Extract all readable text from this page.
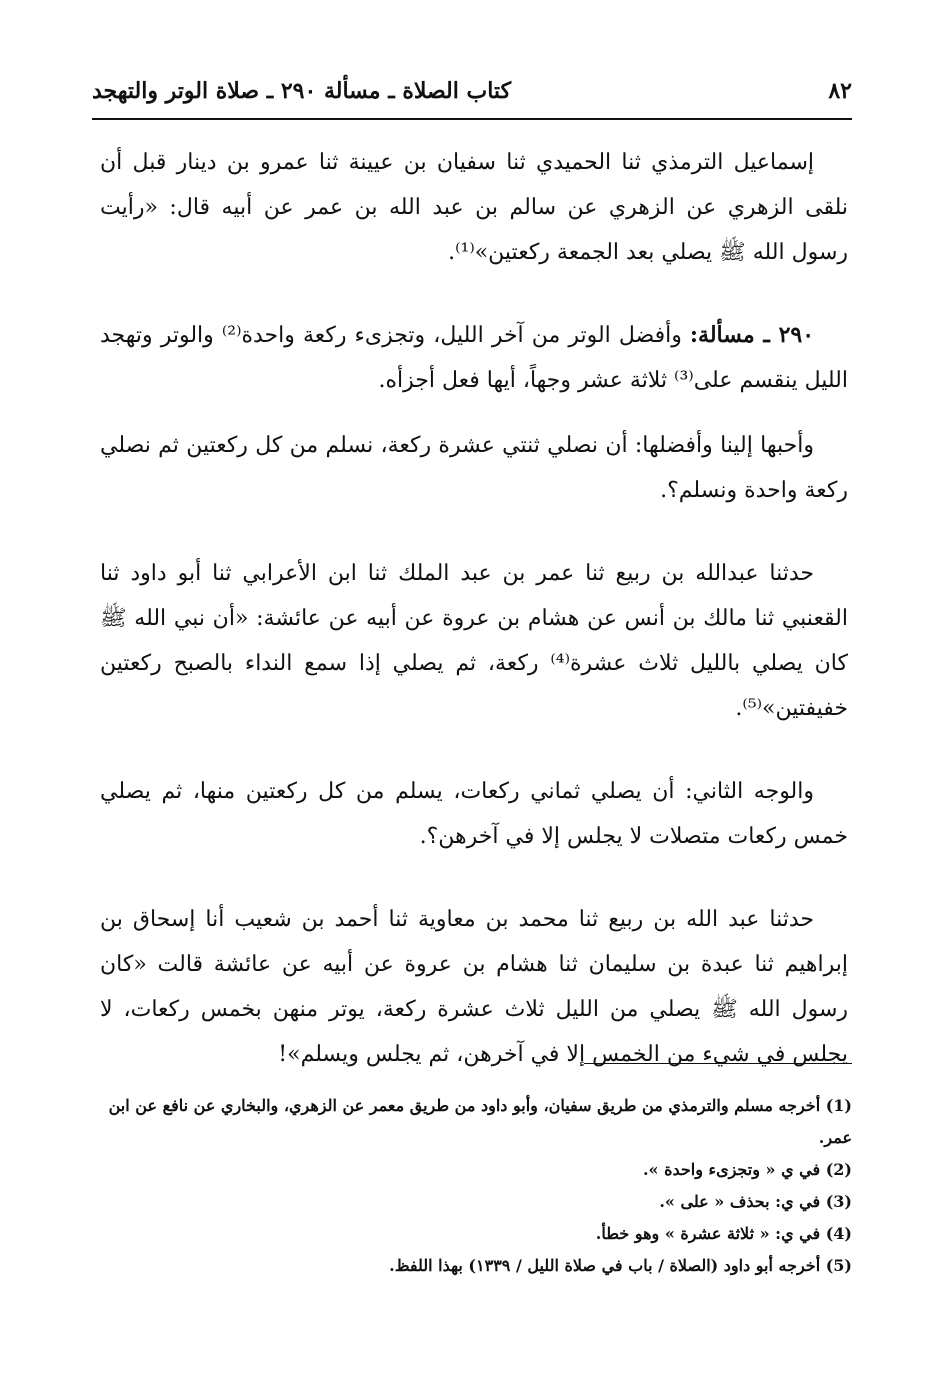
٨٢
كتاب الصلاة ـ مسألة ٢٩٠ ـ صلاة الوتر والتهجد

إسماعيل الترمذي ثنا الحميدي ثنا سفيان بن عيينة ثنا عمرو بن دينار قبل أن نلقى الزهري عن الزهري عن سالم بن عبد الله بن عمر عن أبيه قال: «رأيت رسول الله ﷺ يصلي بعد الجمعة ركعتين»⁽¹⁾.

٢٩٠ ـ مسألة: وأفضل الوتر من آخر الليل، وتجزىء ركعة واحدة⁽²⁾ والوتر وتهجد الليل ينقسم على⁽³⁾ ثلاثة عشر وجهاً، أيها فعل أجزأه.

وأحبها إلينا وأفضلها: أن نصلي ثنتي عشرة ركعة، نسلم من كل ركعتين ثم نصلي ركعة واحدة ونسلم؟.

حدثنا عبدالله بن ربيع ثنا عمر بن عبد الملك ثنا ابن الأعرابي ثنا أبو داود ثنا القعنبي ثنا مالك بن أنس عن هشام بن عروة عن أبيه عن عائشة: «أن نبي الله ﷺ كان يصلي بالليل ثلاث عشرة⁽⁴⁾ ركعة، ثم يصلي إذا سمع النداء بالصبح ركعتين خفيفتين»⁽⁵⁾.

والوجه الثاني: أن يصلي ثماني ركعات، يسلم من كل ركعتين منها، ثم يصلي خمس ركعات متصلات لا يجلس إلا في آخرهن؟.

حدثنا عبد الله بن ربيع ثنا محمد بن معاوية ثنا أحمد بن شعيب أنا إسحاق بن إبراهيم ثنا عبدة بن سليمان ثنا هشام بن عروة عن أبيه عن عائشة قالت «كان رسول الله ﷺ يصلي من الليل ثلاث عشرة ركعة، يوتر منهن بخمس ركعات، لا يجلس في شيء من الخمس إلا في آخرهن، ثم يجلس ويسلم»!

(1) أخرجه مسلم والترمذي من طريق سفيان، وأبو داود من طريق معمر عن الزهري، والبخاري عن نافع عن ابن عمر.

(2) في ي « وتجزىء واحدة ».

(3) في ي: بحذف « على ».

(4) في ي: « ثلاثة عشرة » وهو خطأ.

(5) أخرجه أبو داود (الصلاة / باب في صلاة الليل / ١٣٣٩) بهذا اللفظ.
